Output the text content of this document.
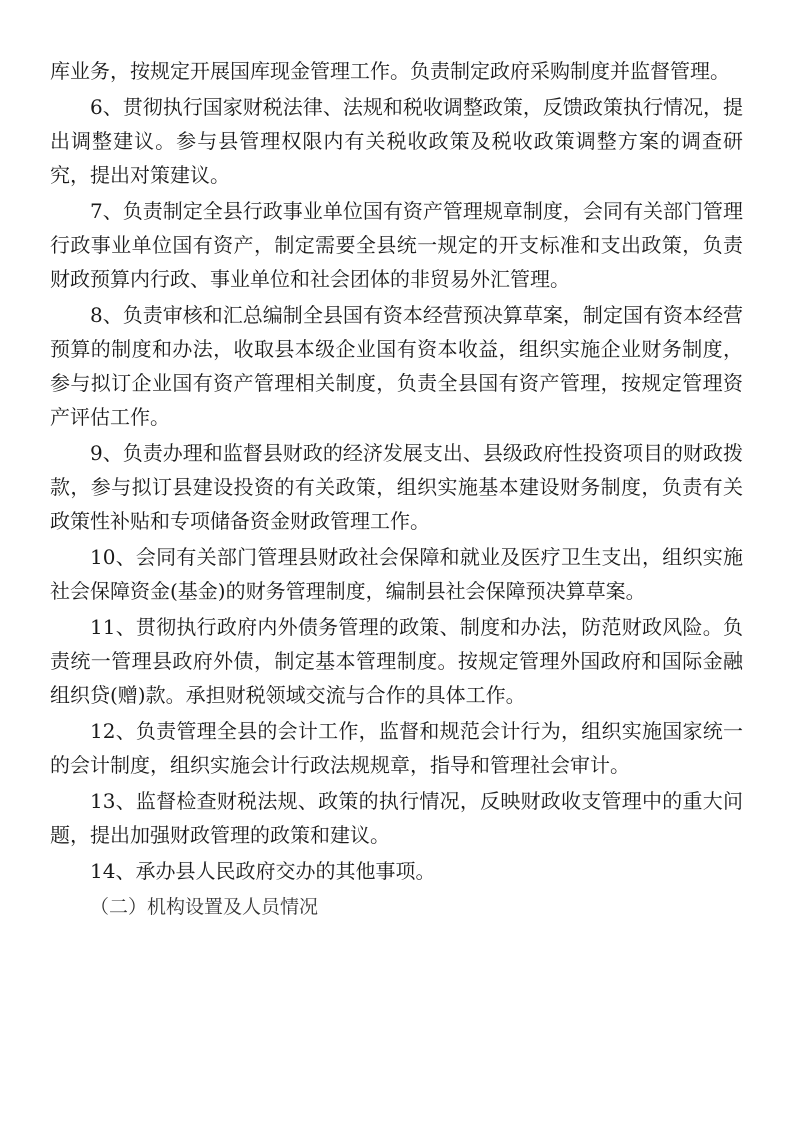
库业务，按规定开展国库现金管理工作。负责制定政府采购制度并监督管理。

6、贯彻执行国家财税法律、法规和税收调整政策，反馈政策执行情况，提出调整建议。参与县管理权限内有关税收政策及税收政策调整方案的调查研究，提出对策建议。

7、负责制定全县行政事业单位国有资产管理规章制度，会同有关部门管理行政事业单位国有资产，制定需要全县统一规定的开支标准和支出政策，负责财政预算内行政、事业单位和社会团体的非贸易外汇管理。

8、负责审核和汇总编制全县国有资本经营预决算草案，制定国有资本经营预算的制度和办法，收取县本级企业国有资本收益，组织实施企业财务制度，参与拟订企业国有资产管理相关制度，负责全县国有资产管理，按规定管理资产评估工作。

9、负责办理和监督县财政的经济发展支出、县级政府性投资项目的财政拨款，参与拟订县建设投资的有关政策，组织实施基本建设财务制度，负责有关政策性补贴和专项储备资金财政管理工作。

10、会同有关部门管理县财政社会保障和就业及医疗卫生支出，组织实施社会保障资金(基金)的财务管理制度，编制县社会保障预决算草案。

11、贯彻执行政府内外债务管理的政策、制度和办法，防范财政风险。负责统一管理县政府外债，制定基本管理制度。按规定管理外国政府和国际金融组织贷(赠)款。承担财税领域交流与合作的具体工作。

12、负责管理全县的会计工作，监督和规范会计行为，组织实施国家统一的会计制度，组织实施会计行政法规规章，指导和管理社会审计。

13、监督检查财税法规、政策的执行情况，反映财政收支管理中的重大问题，提出加强财政管理的政策和建议。

14、承办县人民政府交办的其他事项。

（二）机构设置及人员情况
